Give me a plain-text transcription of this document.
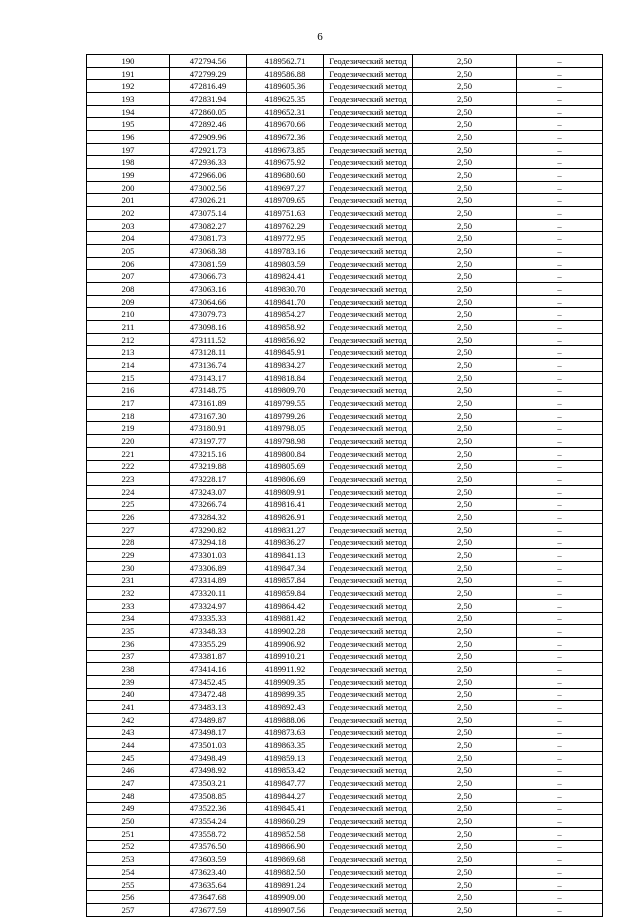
6
190	472794.56	4189562.71	Геодезический метод	2,50	–
191	472799.29	4189586.88	Геодезический метод	2,50	–
192	472816.49	4189605.36	Геодезический метод	2,50	–
193	472831.94	4189625.35	Геодезический метод	2,50	–
194	472860.05	4189652.31	Геодезический метод	2,50	–
195	472892.46	4189670.66	Геодезический метод	2,50	–
196	472909.96	4189672.36	Геодезический метод	2,50	–
197	472921.73	4189673.85	Геодезический метод	2,50	–
198	472936.33	4189675.92	Геодезический метод	2,50	–
199	472966.06	4189680.60	Геодезический метод	2,50	–
200	473002.56	4189697.27	Геодезический метод	2,50	–
201	473026.21	4189709.65	Геодезический метод	2,50	–
202	473075.14	4189751.63	Геодезический метод	2,50	–
203	473082.27	4189762.29	Геодезический метод	2,50	–
204	473081.73	4189772.95	Геодезический метод	2,50	–
205	473068.38	4189783.16	Геодезический метод	2,50	–
206	473081.59	4189803.59	Геодезический метод	2,50	–
207	473066.73	4189824.41	Геодезический метод	2,50	–
208	473063.16	4189830.70	Геодезический метод	2,50	–
209	473064.66	4189841.70	Геодезический метод	2,50	–
210	473079.73	4189854.27	Геодезический метод	2,50	–
211	473098.16	4189858.92	Геодезический метод	2,50	–
212	473111.52	4189856.92	Геодезический метод	2,50	–
213	473128.11	4189845.91	Геодезический метод	2,50	–
214	473136.74	4189834.27	Геодезический метод	2,50	–
215	473143.17	4189818.84	Геодезический метод	2,50	–
216	473148.75	4189809.70	Геодезический метод	2,50	–
217	473161.89	4189799.55	Геодезический метод	2,50	–
218	473167.30	4189799.26	Геодезический метод	2,50	–
219	473180.91	4189798.05	Геодезический метод	2,50	–
220	473197.77	4189798.98	Геодезический метод	2,50	–
221	473215.16	4189800.84	Геодезический метод	2,50	–
222	473219.88	4189805.69	Геодезический метод	2,50	–
223	473228.17	4189806.69	Геодезический метод	2,50	–
224	473243.07	4189809.91	Геодезический метод	2,50	–
225	473266.74	4189816.41	Геодезический метод	2,50	–
226	473284.32	4189826.91	Геодезический метод	2,50	–
227	473290.82	4189831.27	Геодезический метод	2,50	–
228	473294.18	4189836.27	Геодезический метод	2,50	–
229	473301.03	4189841.13	Геодезический метод	2,50	–
230	473306.89	4189847.34	Геодезический метод	2,50	–
231	473314.89	4189857.84	Геодезический метод	2,50	–
232	473320.11	4189859.84	Геодезический метод	2,50	–
233	473324.97	4189864.42	Геодезический метод	2,50	–
234	473335.33	4189881.42	Геодезический метод	2,50	–
235	473348.33	4189902.28	Геодезический метод	2,50	–
236	473355.29	4189906.92	Геодезический метод	2,50	–
237	473381.87	4189910.21	Геодезический метод	2,50	–
238	473414.16	4189911.92	Геодезический метод	2,50	–
239	473452.45	4189909.35	Геодезический метод	2,50	–
240	473472.48	4189899.35	Геодезический метод	2,50	–
241	473483.13	4189892.43	Геодезический метод	2,50	–
242	473489.87	4189888.06	Геодезический метод	2,50	–
243	473498.17	4189873.63	Геодезический метод	2,50	–
244	473501.03	4189863.35	Геодезический метод	2,50	–
245	473498.49	4189859.13	Геодезический метод	2,50	–
246	473498.92	4189853.42	Геодезический метод	2,50	–
247	473503.21	4189847.77	Геодезический метод	2,50	–
248	473508.85	4189844.27	Геодезический метод	2,50	–
249	473522.36	4189845.41	Геодезический метод	2,50	–
250	473554.24	4189860.29	Геодезический метод	2,50	–
251	473558.72	4189852.58	Геодезический метод	2,50	–
252	473576.50	4189866.90	Геодезический метод	2,50	–
253	473603.59	4189869.68	Геодезический метод	2,50	–
254	473623.40	4189882.50	Геодезический метод	2,50	–
255	473635.64	4189891.24	Геодезический метод	2,50	–
256	473647.68	4189909.00	Геодезический метод	2,50	–
257	473677.59	4189907.56	Геодезический метод	2,50	–
